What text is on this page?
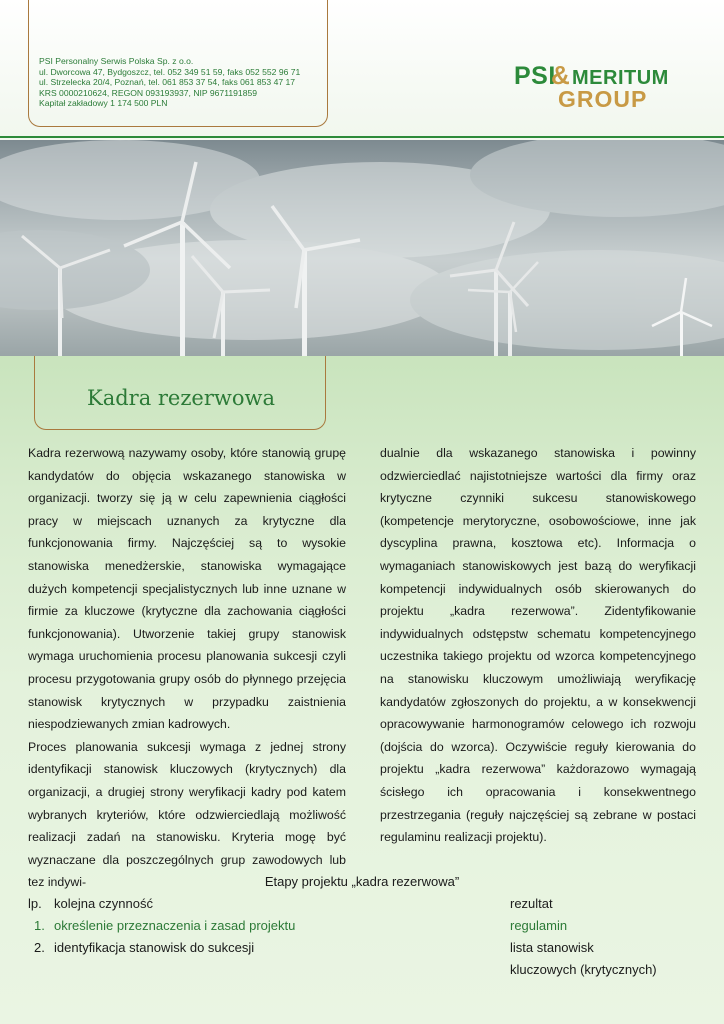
PSI Personalny Serwis Polska Sp. z o.o.
ul. Dworcowa 47, Bydgoszcz, tel. 052 349 51 59, faks 052 552 96 71
ul. Strzelecka 20/4, Poznań, tel. 061 853 37 54, faks 061 853 47 17
KRS 0000210624, REGON 093193937, NIP 9671191859
Kapitał zakładowy 1 174 500 PLN
PSI
& MERITUM
GROUP
Kadra rezerwowa

Kadra rezerwową nazywamy osoby, które stanowią grupę kandydatów do objęcia wskazanego stanowiska w organizacji. tworzy się ją w celu zapewnienia ciągłości pracy w miejscach uznanych za krytyczne dla funkcjonowania firmy. Najczęściej są to wysokie stanowiska menedżerskie, stanowiska wymagające dużych kompetencji specjalistycznych lub inne uznane w firmie za kluczowe (krytyczne dla zachowania ciągłości funkcjonowania). Utworzenie takiej grupy stanowisk wymaga uruchomienia procesu planowania sukcesji czyli procesu przygotowania grupy osób do płynnego przejęcia stanowisk krytycznych w przypadku zaistnienia niespodziewanych zmian kadrowych.

Proces planowania sukcesji wymaga z jednej strony identyfikacji stanowisk kluczowych (krytycznych) dla organizacji, a drugiej strony weryfikacji kadry pod katem wybranych kryteriów, które odzwierciedlają możliwość realizacji zadań na stanowisku. Kryteria mogę być wyznaczane dla poszczególnych grup zawodowych lub tez indywi-

dualnie dla wskazanego stanowiska i powinny odzwierciedlać najistotniejsze wartości dla firmy oraz krytyczne czynniki sukcesu stanowiskowego (kompetencje merytoryczne, osobowościowe, inne jak dyscyplina prawna, kosztowa etc). Informacja o wymaganiach stanowiskowych jest bazą do weryfikacji kompetencji indywidualnych osób skierowanych do projektu „kadra rezerwowa”. Zidentyfikowanie indywidualnych odstępstw schematu kompetencyjnego uczestnika takiego projektu od wzorca kompetencyjnego na stanowisku kluczowym umożliwiają weryfikację kandydatów zgłoszonych do projektu, a w konsekwencji opracowywanie harmonogramów celowego ich rozwoju (dojścia do wzorca). Oczywiście reguły kierowania do projektu „kadra rezerwowa” każdorazowo wymagają ścisłego ich opracowania i konsekwentnego przestrzegania (reguły najczęściej są zebrane w postaci regulaminu realizacji projektu).

Etapy projektu „kadra rezerwowa”
lp. kolejna czynność	rezultat
1. określenie przeznaczenia i zasad projektu	regulamin
2. identyfikacja stanowisk do sukcesji	lista stanowisk
kluczowych (krytycznych)
